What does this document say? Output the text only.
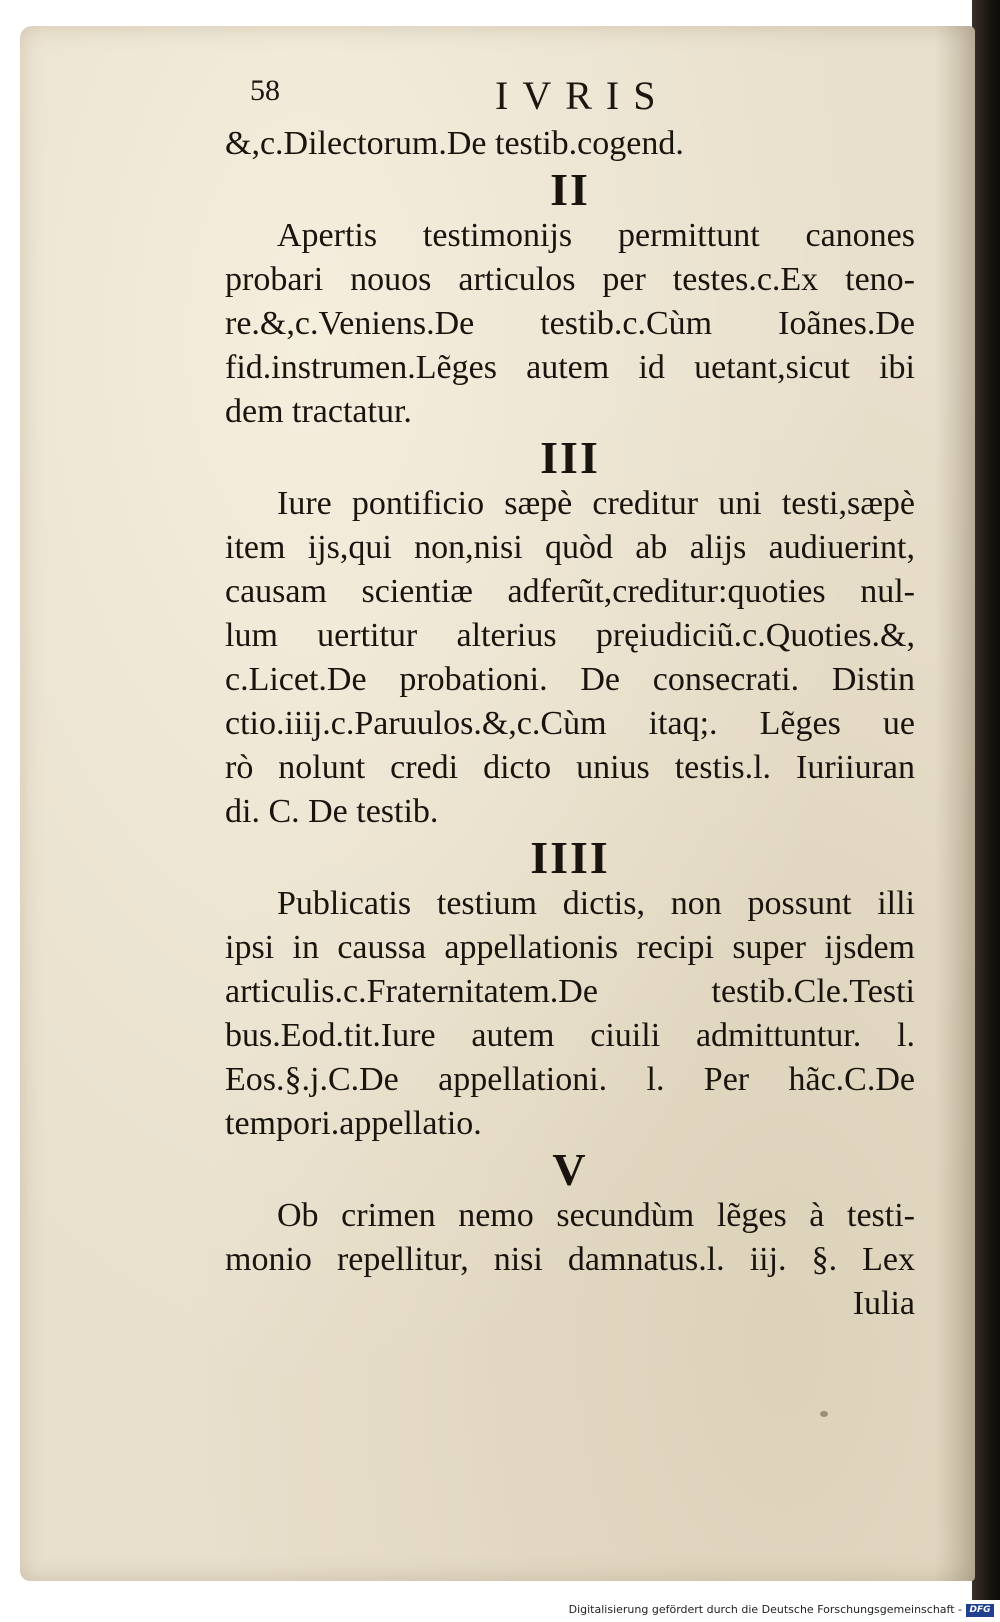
58	IVRIS
&,c.Dilectorum.De testib.cogend.
II
Apertis testimonijs permittunt canones
probari nouos articulos per testes.c.Ex teno-
re.&,c.Veniens.De testib.c.Cùm Ioãnes.De
fid.instrumen.Lẽges autem id uetant,sicut ibi
dem tractatur.
III
Iure pontificio sæpè creditur uni testi,sæpè
item ijs,qui non,nisi quòd ab alijs audiuerint,
causam scientiæ adferũt,creditur:quoties nul-
lum uertitur alterius pręiudiciũ.c.Quoties.&,
c.Licet.De probationi. De consecrati. Distin
ctio.iiij.c.Paruulos.&,c.Cùm itaq;. Lẽges ue
rò nolunt credi dicto unius testis.l. Iuriiuran
di. C. De testib.
IIII
Publicatis testium dictis, non possunt illi
ipsi in caussa appellationis recipi super ijsdem
articulis.c.Fraternitatem.De testib.Cle.Testi
bus.Eod.tit.Iure autem ciuili admittuntur. l.
Eos.§.j.C.De appellationi. l. Per hãc.C.De
tempori.appellatio.
V
Ob crimen nemo secundùm lẽges à testi-
monio repellitur, nisi damnatus.l. iij. §. Lex
Iulia
Digitalisierung gefördert durch die Deutsche Forschungsgemeinschaft - DFG
